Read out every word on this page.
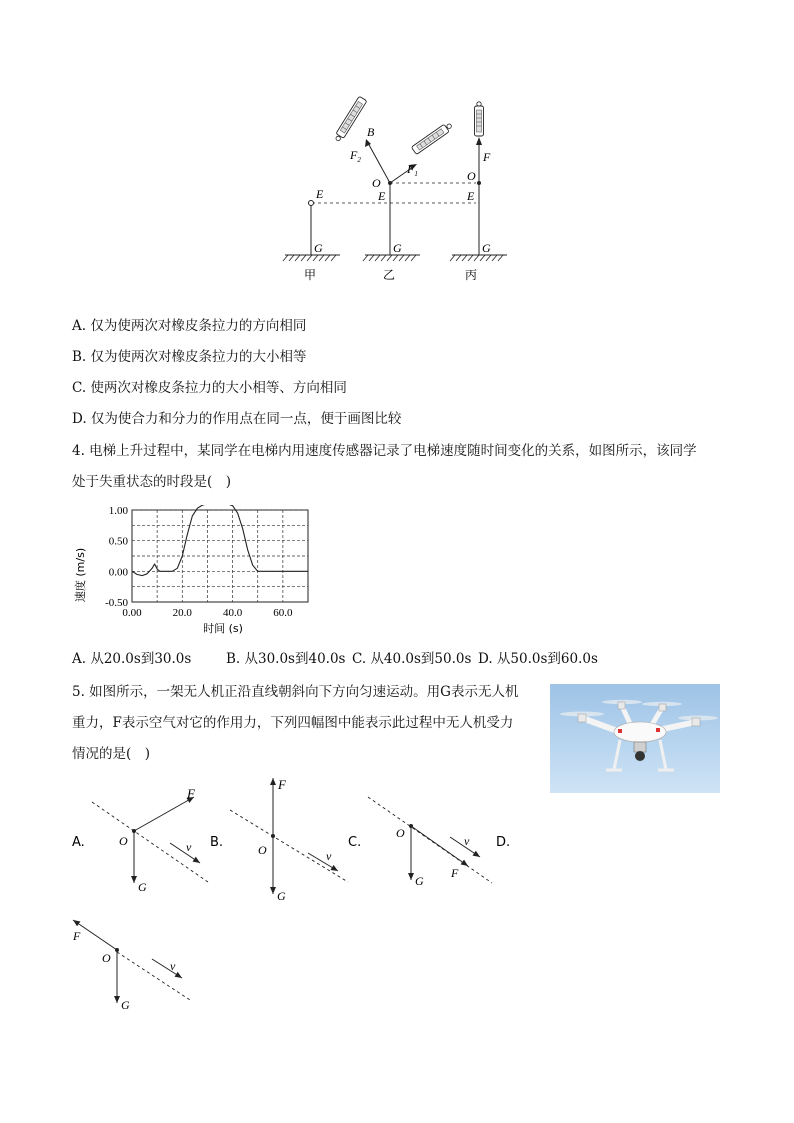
B
$F_2$
$F_1$
O
E
E
G	G
O
E
F
G
甲	乙	丙
A. 仅为使两次对橡皮条拉力的方向相同
B. 仅为使两次对橡皮条拉力的大小相等
C. 使两次对橡皮条拉力的大小相等、方向相同
D. 仅为使合力和分力的作用点在同一点，便于画图比较
4. 电梯上升过程中，某同学在电梯内用速度传感器记录了电梯速度随时间变化的关系，如图所示，该同学
处于失重状态的时段是(　)
1.00
0.50
0.00
-0.50
0.00	20.0	40.0	60.0
速度 (m/s)
时间 (s)
A. 从20.0s到30.0s	B. 从30.0s到40.0s C. 从40.0s到50.0s D. 从50.0s到60.0s
5. 如图所示，一架无人机正沿直线朝斜向下方向匀速运动。用G表示无人机
重力，F表示空气对它的作用力，下列四幅图中能表示此过程中无人机受力
情况的是(　)
F
O
G
v
A.
F
O
G
v
B.
O
G
F
v
C.	D.
F
O
G
v
